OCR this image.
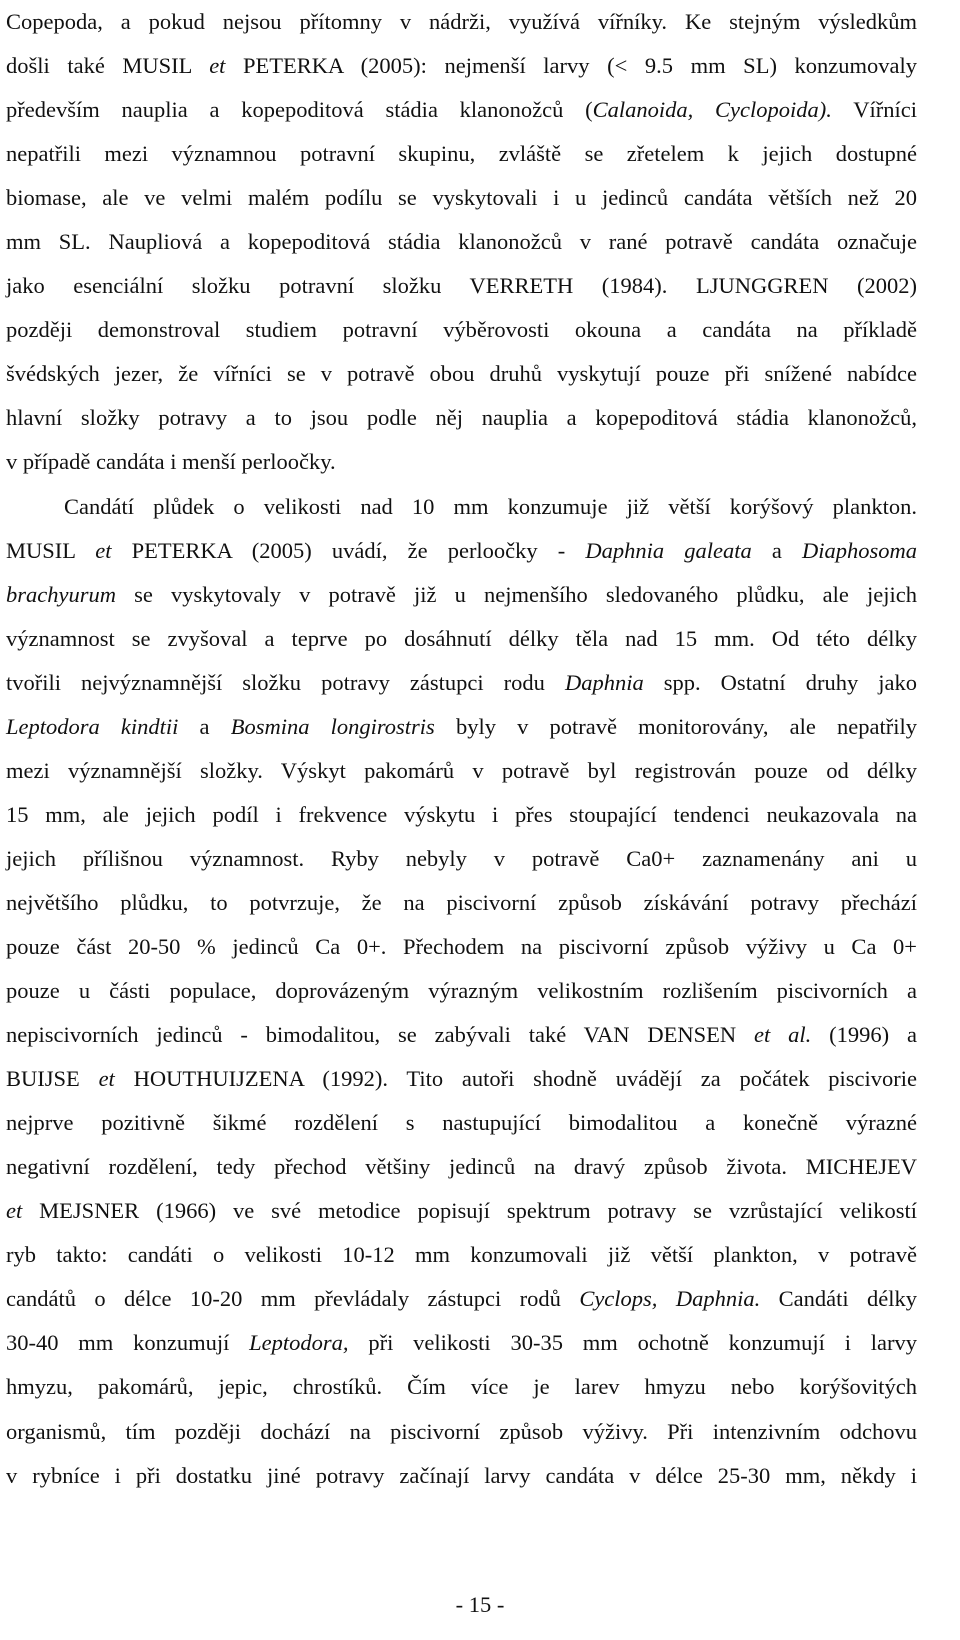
Copepoda, a pokud nejsou přítomny v nádrži, využívá vířníky. Ke stejným výsledkům
došli také MUSIL et PETERKA (2005): nejmenší larvy (< 9.5 mm SL) konzumovaly
především nauplia a kopepoditová stádia klanonožců (Calanoida, Cyclopoida). Vířníci
nepatřili mezi významnou potravní skupinu, zvláště se zřetelem k jejich dostupné
biomase, ale ve velmi malém podílu se vyskytovali i u jedinců candáta větších než 20
mm SL. Naupliová a kopepoditová stádia klanonožců v rané potravě candáta označuje
jako esenciální složku potravní složku VERRETH (1984). LJUNGGREN (2002)
později demonstroval studiem potravní výběrovosti okouna a candáta na příkladě
švédských jezer, že vířníci se v potravě obou druhů vyskytují pouze při snížené nabídce
hlavní složky potravy a to jsou podle něj nauplia a kopepoditová stádia klanonožců,
v případě candáta i menší perloočky.
Candátí plůdek o velikosti nad 10 mm konzumuje již větší korýšový plankton.
MUSIL et PETERKA (2005) uvádí, že perloočky - Daphnia galeata a Diaphosoma
brachyurum se vyskytovaly v potravě již u nejmenšího sledovaného plůdku, ale jejich
významnost se zvyšoval a teprve po dosáhnutí délky těla nad 15 mm. Od této délky
tvořili nejvýznamnější složku potravy zástupci rodu Daphnia spp. Ostatní druhy jako
Leptodora kindtii a Bosmina longirostris byly v potravě monitorovány, ale nepatřily
mezi významnější složky. Výskyt pakomárů v potravě byl registrován pouze od délky
15 mm, ale jejich podíl i frekvence výskytu i přes stoupající tendenci neukazovala na
jejich přílišnou významnost. Ryby nebyly v potravě Ca0+ zaznamenány ani u
největšího plůdku, to potvrzuje, že na piscivorní způsob získávání potravy přechází
pouze část 20-50 % jedinců Ca 0+. Přechodem na piscivorní způsob výživy u Ca 0+
pouze u části populace, doprovázeným výrazným velikostním rozlišením piscivorních a
nepiscivorních jedinců - bimodalitou, se zabývali také VAN DENSEN et al. (1996) a
BUIJSE et HOUTHUIJZENA (1992). Tito autoři shodně uvádějí za počátek piscivorie
nejprve pozitivně šikmé rozdělení s nastupující bimodalitou a konečně výrazné
negativní rozdělení, tedy přechod většiny jedinců na dravý způsob života. MICHEJEV
et MEJSNER (1966) ve své metodice popisují spektrum potravy se vzrůstající velikostí
ryb takto: candáti o velikosti 10-12 mm konzumovali již větší plankton, v potravě
candátů o délce 10-20 mm převládaly zástupci rodů Cyclops, Daphnia. Candáti délky
30-40 mm konzumují Leptodora, při velikosti 30-35 mm ochotně konzumují i larvy
hmyzu, pakomárů, jepic, chrostíků. Čím více je larev hmyzu nebo korýšovitých
organismů, tím později dochází na piscivorní způsob výživy. Při intenzivním odchovu
v rybníce i při dostatku jiné potravy začínají larvy candáta v délce 25-30 mm, někdy i
- 15 -
